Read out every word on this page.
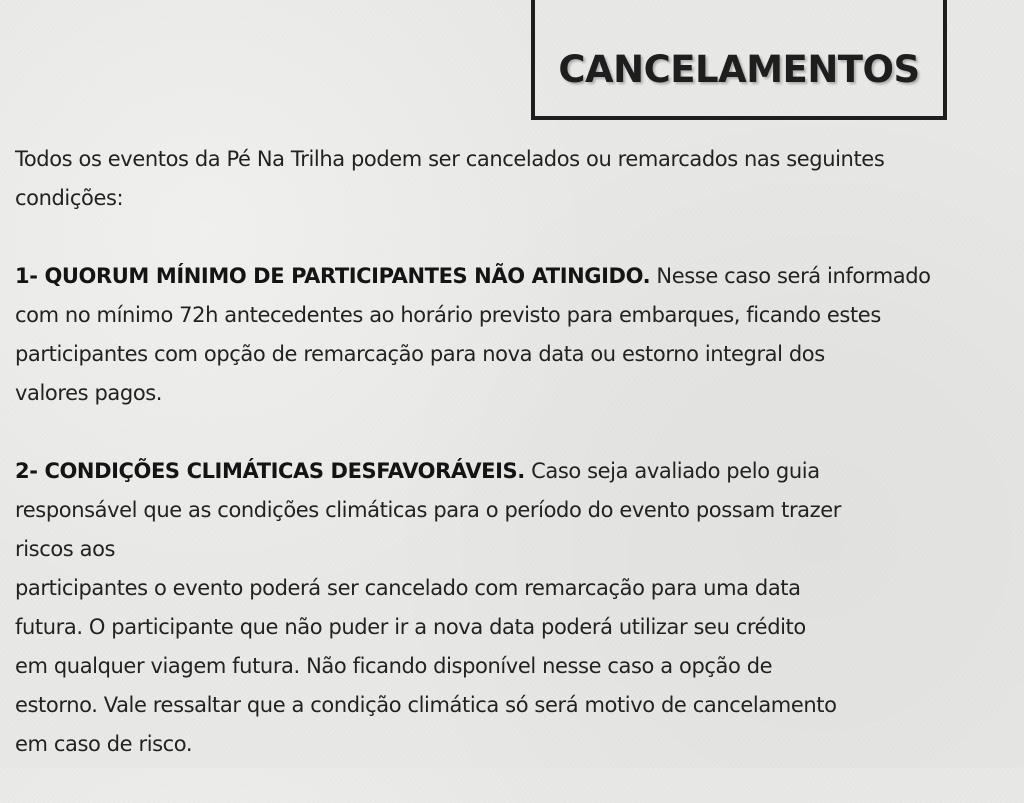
CANCELAMENTOS

Todos os eventos da Pé Na Trilha podem ser cancelados ou remarcados nas seguintes
condições:

1- QUORUM MÍNIMO DE PARTICIPANTES NÃO ATINGIDO. Nesse caso será informado
com no mínimo 72h antecedentes ao horário previsto para embarques, ficando estes
participantes com opção de remarcação para nova data ou estorno integral dos
valores pagos.

2- CONDIÇÕES CLIMÁTICAS DESFAVORÁVEIS. Caso seja avaliado pelo guia
responsável que as condições climáticas para o período do evento possam trazer
riscos aos
participantes o evento poderá ser cancelado com remarcação para uma data
futura. O participante que não puder ir a nova data poderá utilizar seu crédito
em qualquer viagem futura. Não ficando disponível nesse caso a opção de
estorno. Vale ressaltar que a condição climática só será motivo de cancelamento
em caso de risco.
